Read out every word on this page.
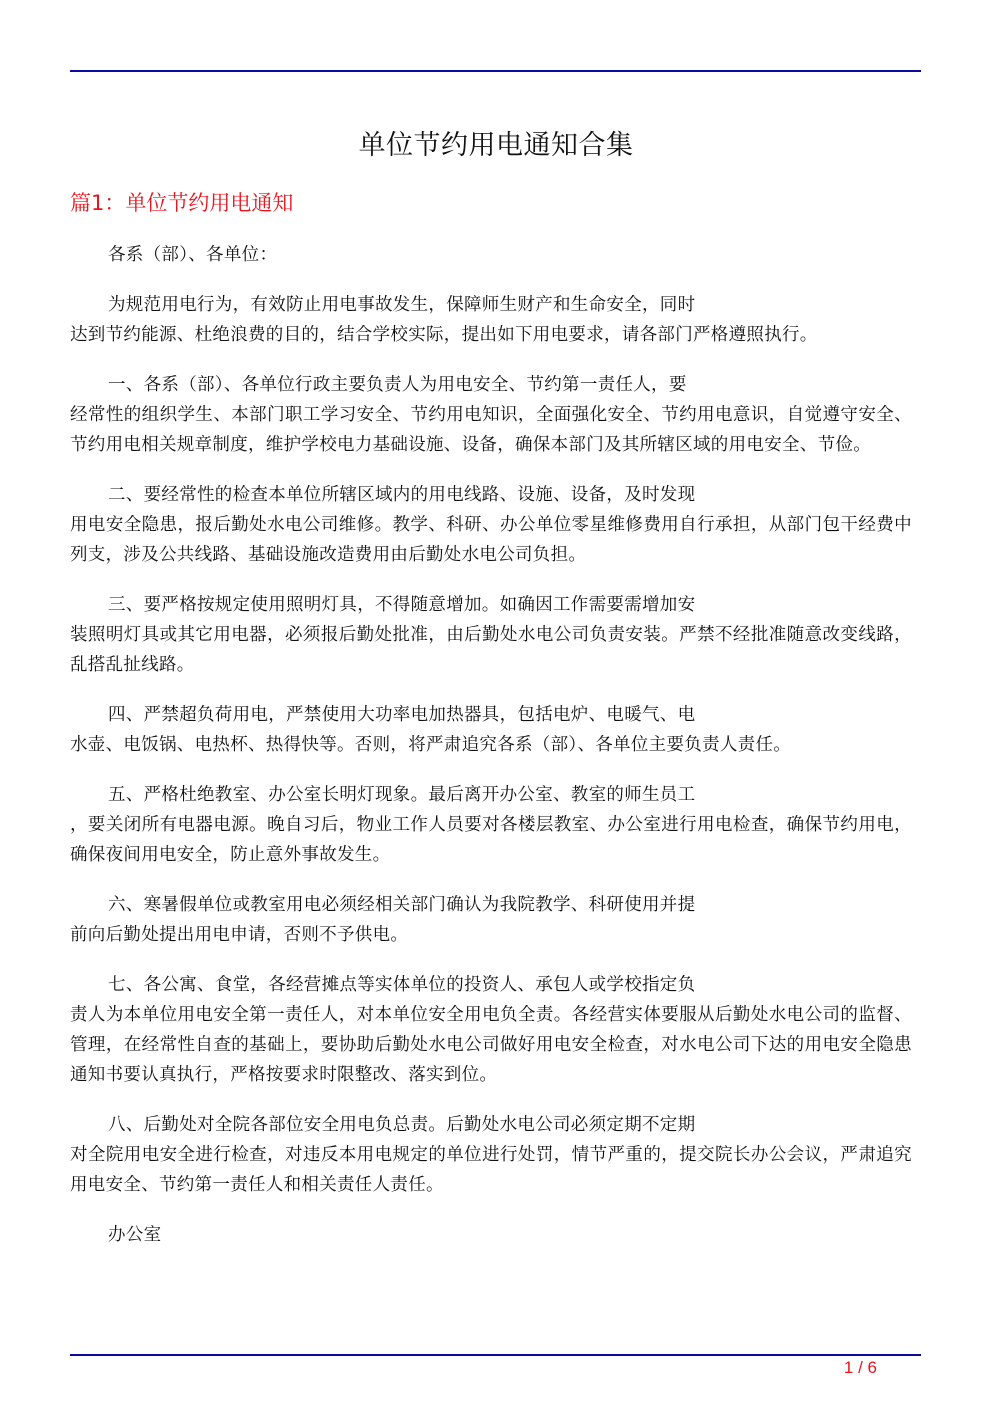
单位节约用电通知合集
篇1：单位节约用电通知

各系（部）、各单位：

为规范用电行为，有效防止用电事故发生，保障师生财产和生命安全，同时
达到节约能源、杜绝浪费的目的，结合学校实际，提出如下用电要求，请各部门严格遵照执行。

一、各系（部）、各单位行政主要负责人为用电安全、节约第一责任人，要
经常性的组织学生、本部门职工学习安全、节约用电知识，全面强化安全、节约用电意识，自觉遵守安全、节约用电相关规章制度，维护学校电力基础设施、设备，确保本部门及其所辖区域的用电安全、节俭。

二、要经常性的检查本单位所辖区域内的用电线路、设施、设备，及时发现
用电安全隐患，报后勤处水电公司维修。教学、科研、办公单位零星维修费用自行承担，从部门包干经费中列支，涉及公共线路、基础设施改造费用由后勤处水电公司负担。

三、要严格按规定使用照明灯具，不得随意增加。如确因工作需要需增加安
装照明灯具或其它用电器，必须报后勤处批准，由后勤处水电公司负责安装。严禁不经批准随意改变线路，乱搭乱扯线路。

四、严禁超负荷用电，严禁使用大功率电加热器具，包括电炉、电暖气、电
水壶、电饭锅、电热杯、热得快等。否则，将严肃追究各系（部）、各单位主要负责人责任。

五、严格杜绝教室、办公室长明灯现象。最后离开办公室、教室的师生员工
，要关闭所有电器电源。晚自习后，物业工作人员要对各楼层教室、办公室进行用电检查，确保节约用电，确保夜间用电安全，防止意外事故发生。

六、寒暑假单位或教室用电必须经相关部门确认为我院教学、科研使用并提
前向后勤处提出用电申请，否则不予供电。

七、各公寓、食堂，各经营摊点等实体单位的投资人、承包人或学校指定负
责人为本单位用电安全第一责任人，对本单位安全用电负全责。各经营实体要服从后勤处水电公司的监督、管理，在经常性自查的基础上，要协助后勤处水电公司做好用电安全检查，对水电公司下达的用电安全隐患通知书要认真执行，严格按要求时限整改、落实到位。

八、后勤处对全院各部位安全用电负总责。后勤处水电公司必须定期不定期
对全院用电安全进行检查，对违反本用电规定的单位进行处罚，情节严重的，提交院长办公会议，严肃追究用电安全、节约第一责任人和相关责任人责任。

办公室

1 / 6
